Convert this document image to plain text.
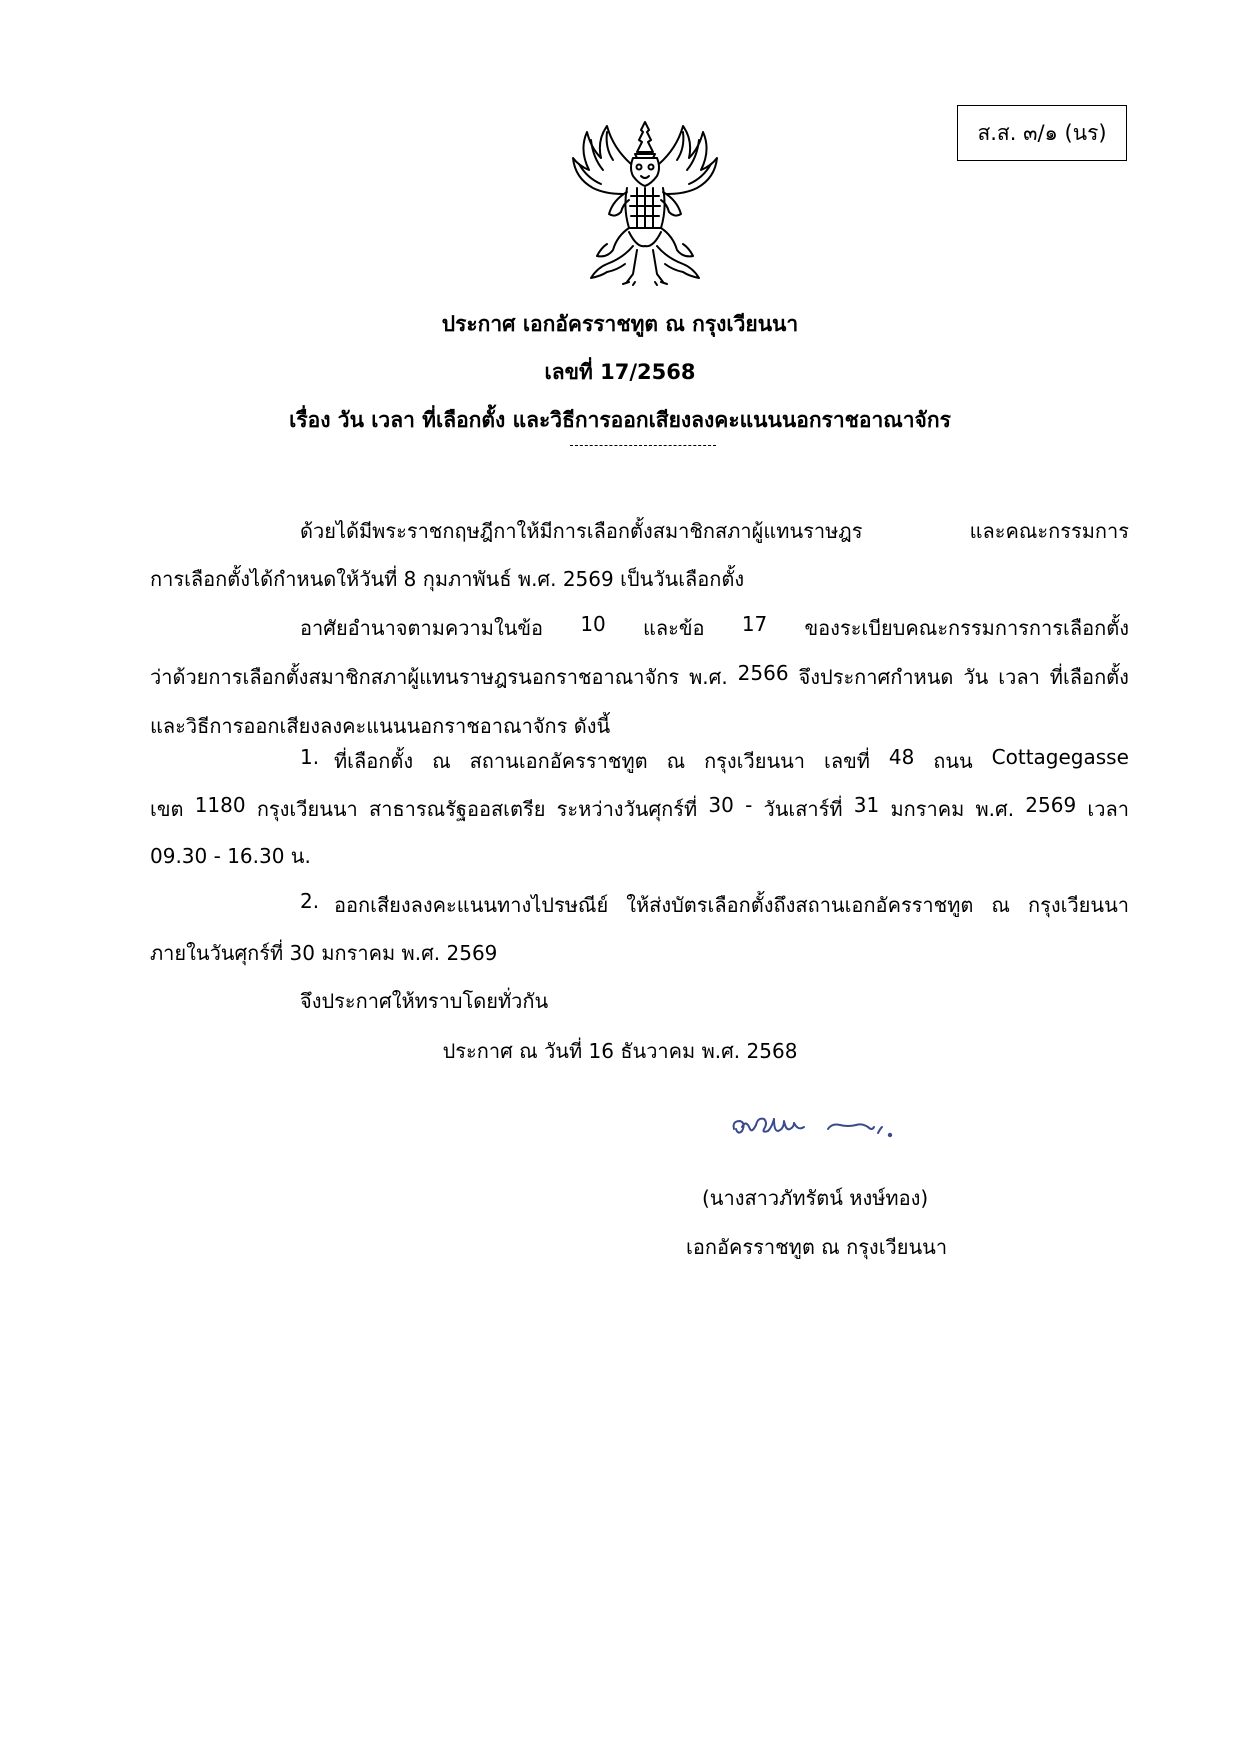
ส.ส. ๓/๑ (นร)
ประกาศ เอกอัครราชทูต ณ กรุงเวียนนา
เลขที่ 17/2568
เรื่อง วัน เวลา ที่เลือกตั้ง และวิธีการออกเสียงลงคะแนนนอกราชอาณาจักร
ด้วยได้มีพระราชกฤษฎีกาให้มีการเลือกตั้งสมาชิกสภาผู้แทนราษฎร	และคณะกรรมการ
การเลือกตั้งได้กำหนดให้วันที่ 8 กุมภาพันธ์ พ.ศ. 2569 เป็นวันเลือกตั้ง
อาศัยอำนาจตามความในข้อ 10 และข้อ 17 ของระเบียบคณะกรรมการการเลือกตั้ง
ว่าด้วยการเลือกตั้งสมาชิกสภาผู้แทนราษฎรนอกราชอาณาจักร พ.ศ. 2566 จึงประกาศกำหนด วัน เวลา ที่เลือกตั้ง
และวิธีการออกเสียงลงคะแนนนอกราชอาณาจักร ดังนี้
1. ที่เลือกตั้ง ณ สถานเอกอัครราชทูต ณ กรุงเวียนนา เลขที่ 48 ถนน Cottagegasse
เขต 1180 กรุงเวียนนา สาธารณรัฐออสเตรีย ระหว่างวันศุกร์ที่ 30 - วันเสาร์ที่ 31 มกราคม พ.ศ. 2569 เวลา
09.30 - 16.30 น.
2. ออกเสียงลงคะแนนทางไปรษณีย์ ให้ส่งบัตรเลือกตั้งถึงสถานเอกอัครราชทูต ณ กรุงเวียนนา
ภายในวันศุกร์ที่ 30 มกราคม พ.ศ. 2569
จึงประกาศให้ทราบโดยทั่วกัน
ประกาศ ณ วันที่ 16 ธันวาคม พ.ศ. 2568
(นางสาวภัทรัตน์ หงษ์ทอง)
เอกอัครราชทูต ณ กรุงเวียนนา
